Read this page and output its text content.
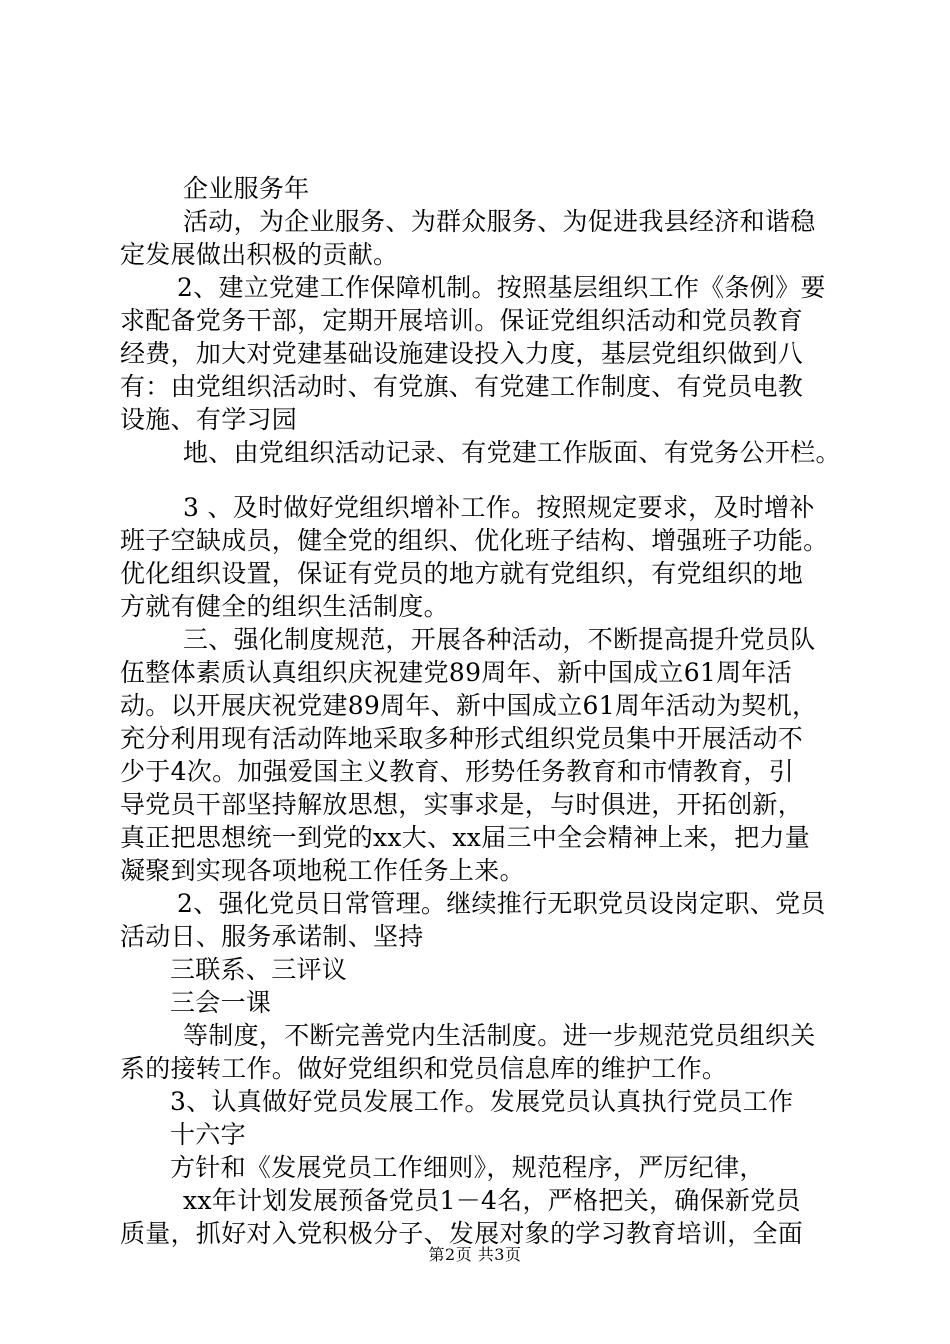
企业服务年
活动，为企业服务、为群众服务、为促进我县经济和谐稳
定发展做出积极的贡献。
2、建立党建工作保障机制。按照基层组织工作《条例》要
求配备党务干部，定期开展培训。保证党组织活动和党员教育
经费，加大对党建基础设施建设投入力度，基层党组织做到八
有：由党组织活动时、有党旗、有党建工作制度、有党员电教
设施、有学习园
地、由党组织活动记录、有党建工作版面、有党务公开栏。
3 、及时做好党组织增补工作。按照规定要求，及时增补
班子空缺成员，健全党的组织、优化班子结构、增强班子功能。
优化组织设置，保证有党员的地方就有党组织，有党组织的地
方就有健全的组织生活制度。
三、强化制度规范，开展各种活动，不断提高提升党员队
伍整体素质认真组织庆祝建党89周年、新中国成立61周年活
动。以开展庆祝党建89周年、新中国成立61周年活动为契机，
充分利用现有活动阵地采取多种形式组织党员集中开展活动不
少于4次。加强爱国主义教育、形势任务教育和市情教育，引
导党员干部坚持解放思想，实事求是，与时俱进，开拓创新，
真正把思想统一到党的xx大、xx届三中全会精神上来，把力量
凝聚到实现各项地税工作任务上来。
2、强化党员日常管理。继续推行无职党员设岗定职、党员
活动日、服务承诺制、坚持
三联系、三评议
三会一课
等制度，不断完善党内生活制度。进一步规范党员组织关
系的接转工作。做好党组织和党员信息库的维护工作。
3、认真做好党员发展工作。发展党员认真执行党员工作
十六字
方针和《发展党员工作细则》，规范程序，严厉纪律，
xx年计划发展预备党员1－4名，严格把关，确保新党员
质量，抓好对入党积极分子、发展对象的学习教育培训，全面
第2页 共3页
